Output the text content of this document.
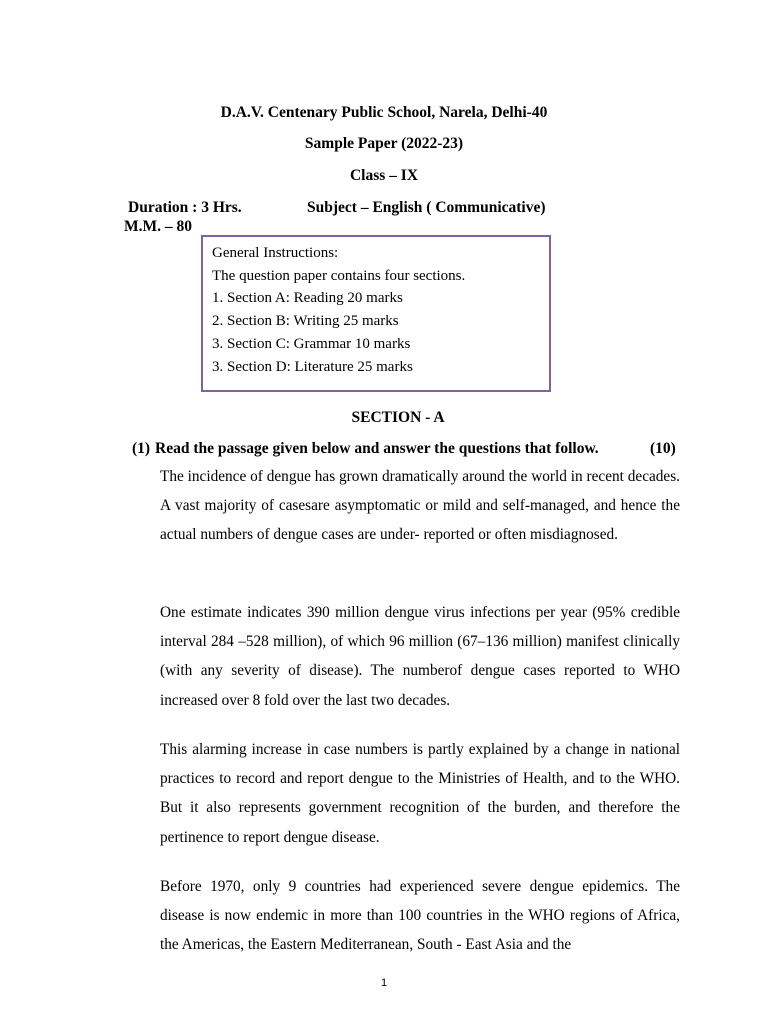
D.A.V. Centenary Public School, Narela, Delhi-40
Sample Paper (2022-23)
Class – IX
Duration : 3 Hrs.	Subject – English ( Communicative)
M.M. – 80
General Instructions:
The question paper contains four sections.
1. Section A: Reading 20 marks
2. Section B: Writing 25 marks
3. Section C: Grammar 10 marks
3. Section D: Literature 25 marks
SECTION - A
(1) Read the passage given below and answer the questions that follow.	(10)

The incidence of dengue has grown dramatically around the world in recent decades. A vast majority of casesare asymptomatic or mild and self-managed, and hence the actual numbers of dengue cases are under- reported or often misdiagnosed.

One estimate indicates 390 million dengue virus infections per year (95% credible interval 284 –528 million), of which 96 million (67–136 million) manifest clinically (with any severity of disease). The numberof dengue cases reported to WHO increased over 8 fold over the last two decades.

This alarming increase in case numbers is partly explained by a change in national practices to record and report dengue to the Ministries of Health, and to the WHO. But it also represents government recognition of the burden, and therefore the pertinence to report dengue disease.

Before 1970, only 9 countries had experienced severe dengue epidemics. The disease is now endemic in more than 100 countries in the WHO regions of Africa, the Americas, the Eastern Mediterranean, South - East Asia and the

1
